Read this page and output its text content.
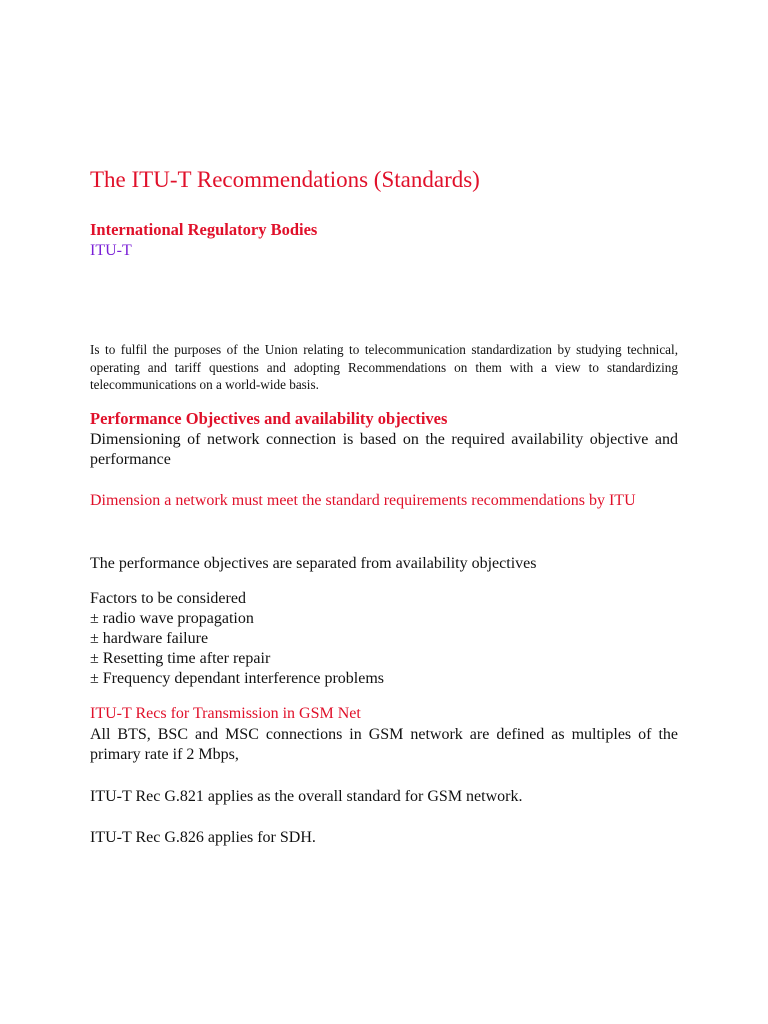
The ITU-T Recommendations (Standards)
International Regulatory Bodies
ITU-T

Is to fulfil the purposes of the Union relating to telecommunication standardization by studying technical, operating and tariff questions and adopting Recommendations on them with a view to standardizing telecommunications on a world-wide basis.

Performance Objectives and availability objectives

Dimensioning of network connection is based on the required availability objective and performance

Dimension a network must meet the standard requirements recommendations by ITU
The performance objectives are separated from availability objectives
Factors to be considered
± radio wave propagation
± hardware failure
± Resetting time after repair
± Frequency dependant interference problems
ITU-T Recs for Transmission in GSM Net

All BTS, BSC and MSC connections in GSM network are defined as multiples of the primary rate if 2 Mbps,

ITU-T Rec G.821 applies as the overall standard for GSM network.
ITU-T Rec G.826 applies for SDH.
